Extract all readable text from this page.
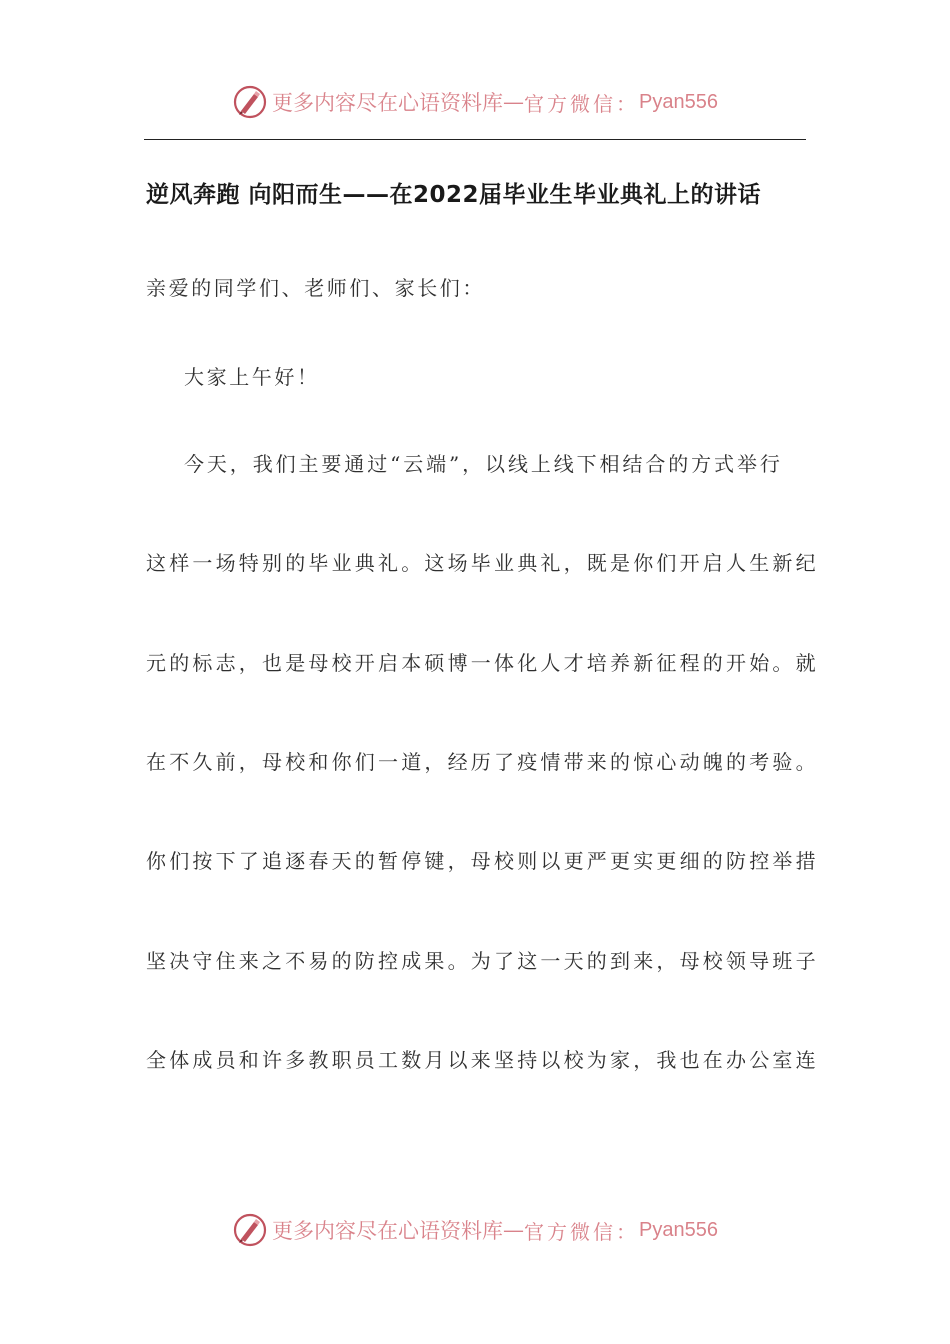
更多内容尽在心语资料库 — 官方微信： Pyan556
逆风奔跑 向阳而生——在2022届毕业生毕业典礼上的讲话
亲爱的同学们、老师们、家长们：
大家上午好！
今天，我们主要通过“云端”，以线上线下相结合的方式举行
这样一场特别的毕业典礼。这场毕业典礼，既是你们开启人生新纪
元的标志，也是母校开启本硕博一体化人才培养新征程的开始。就
在不久前，母校和你们一道，经历了疫情带来的惊心动魄的考验。
你们按下了追逐春天的暂停键，母校则以更严更实更细的防控举措
坚决守住来之不易的防控成果。为了这一天的到来，母校领导班子
全体成员和许多教职员工数月以来坚持以校为家，我也在办公室连
更多内容尽在心语资料库 — 官方微信： Pyan556
